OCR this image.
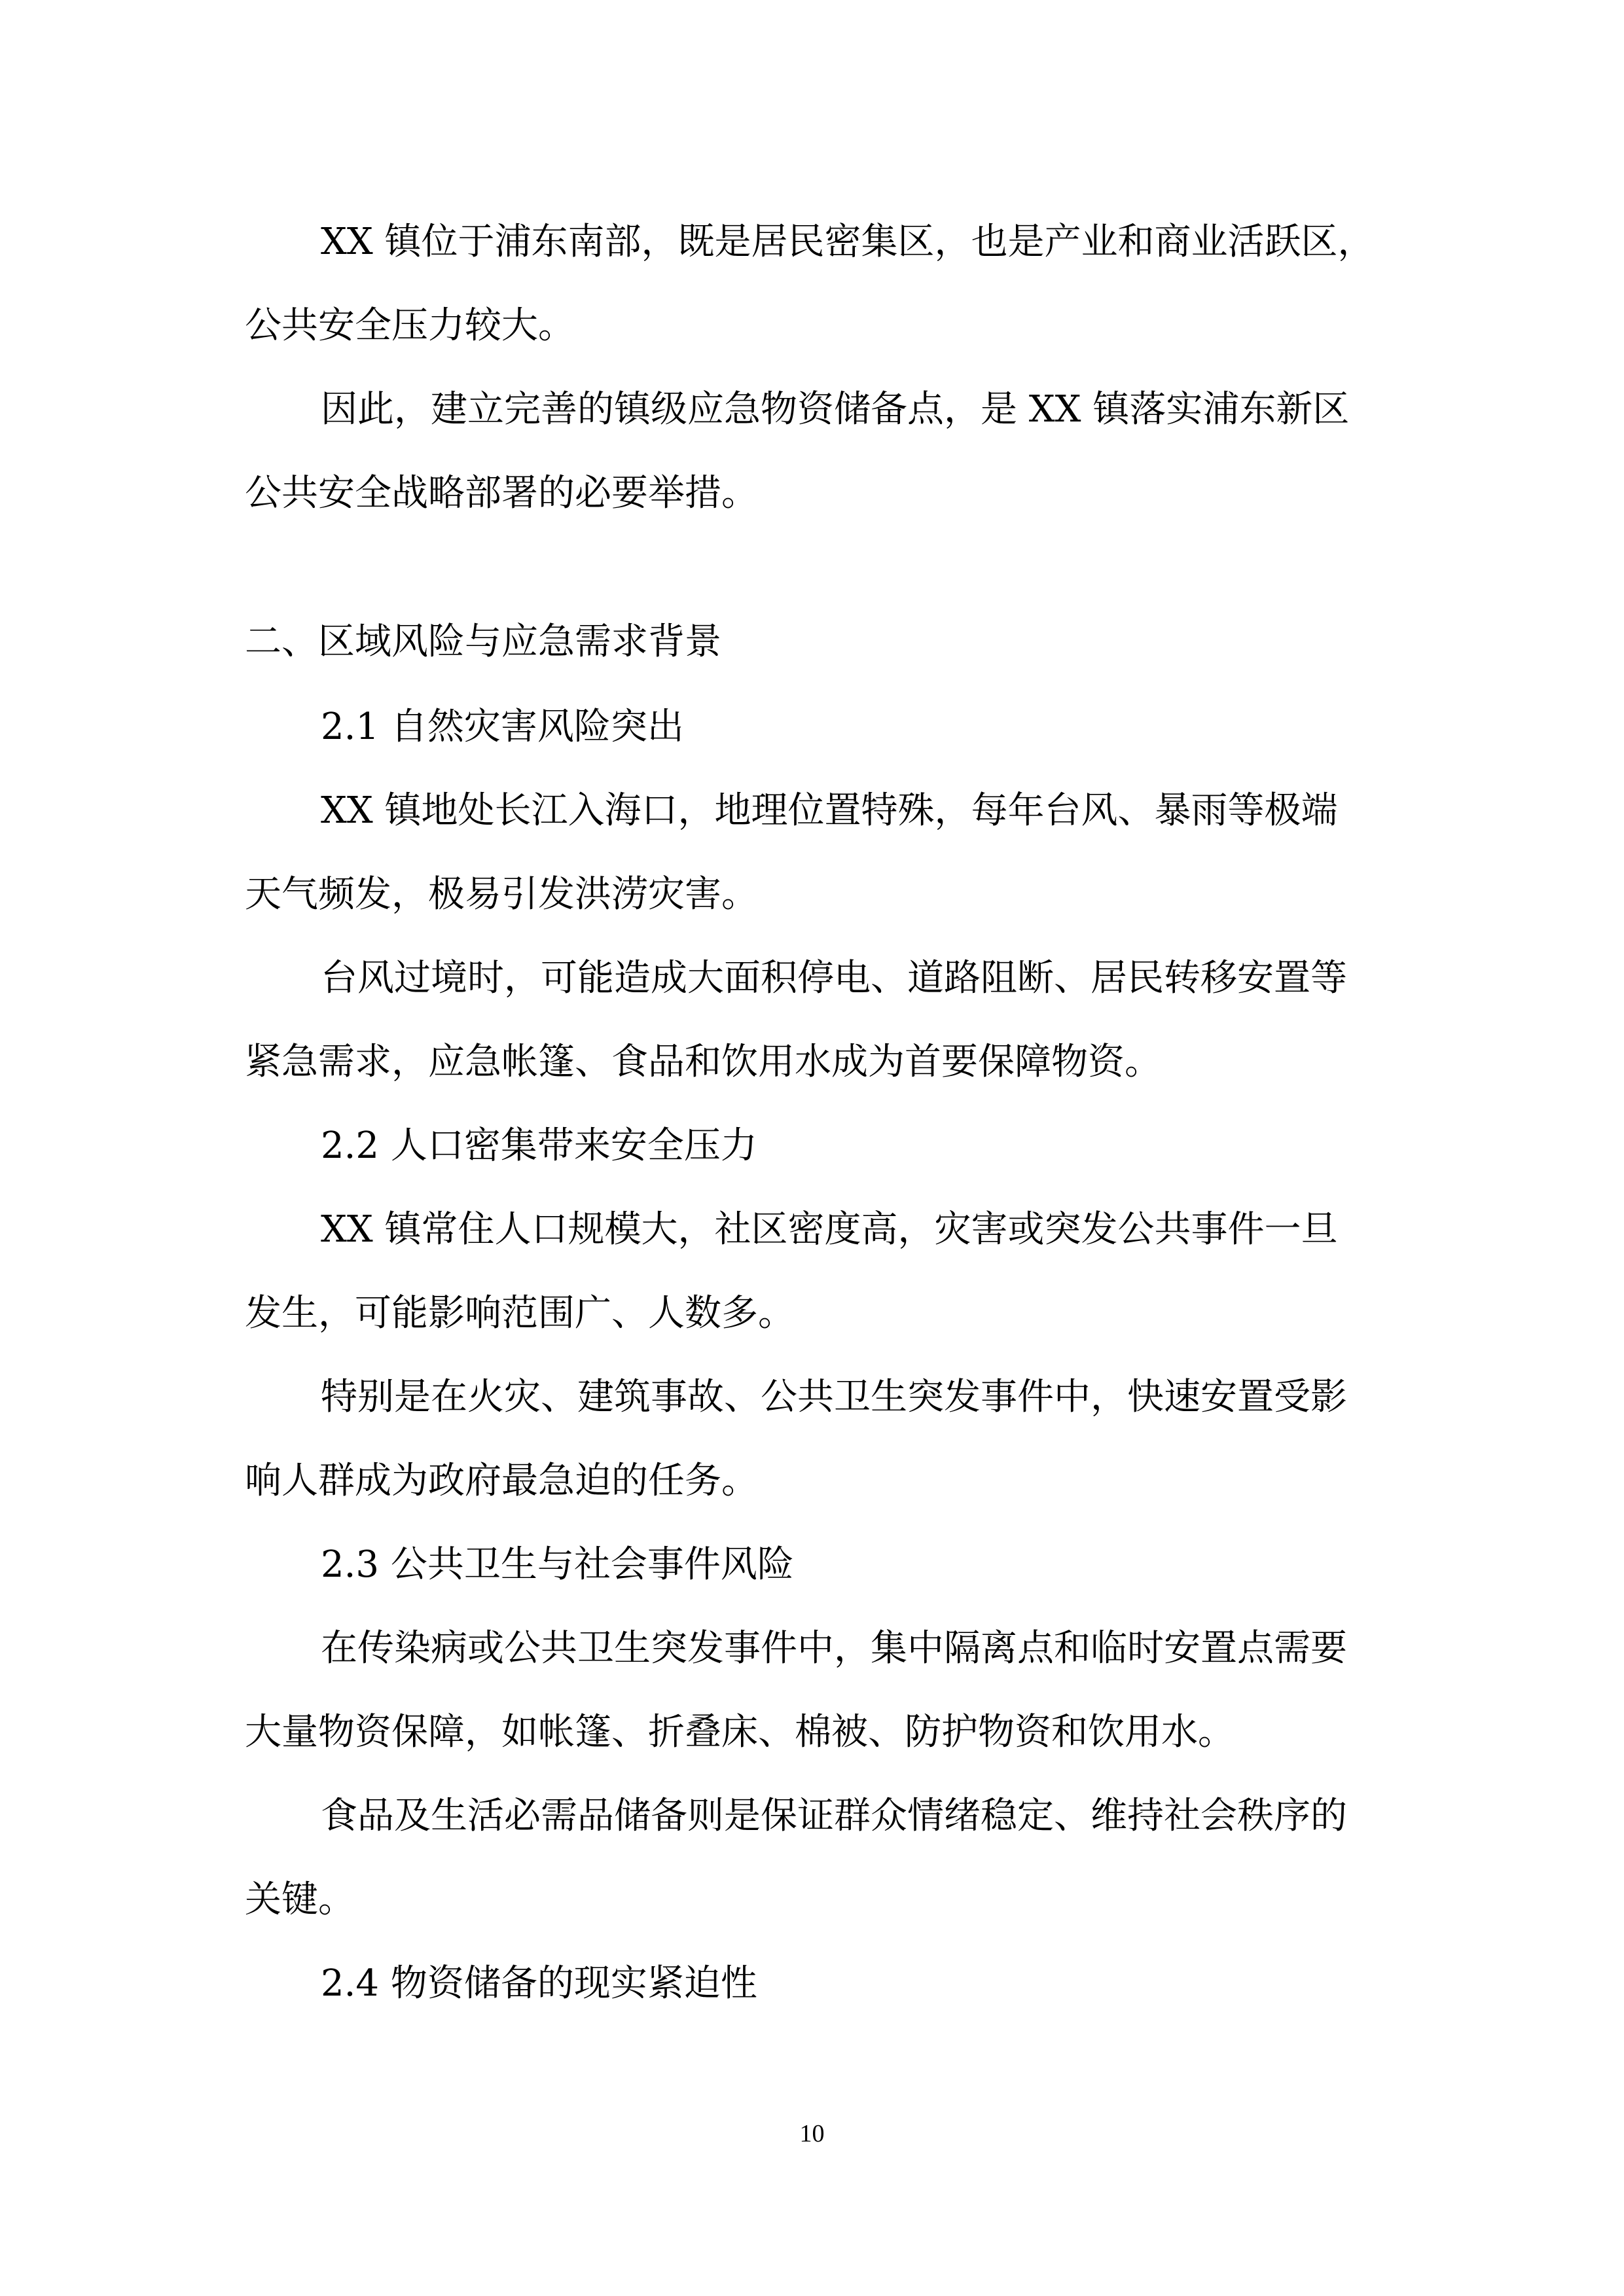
XX 镇位于浦东南部，既是居民密集区，也是产业和商业活跃区，
公共安全压力较大。
因此，建立完善的镇级应急物资储备点，是 XX 镇落实浦东新区
公共安全战略部署的必要举措。
二、区域风险与应急需求背景
2.1 自然灾害风险突出
XX 镇地处长江入海口，地理位置特殊，每年台风、暴雨等极端
天气频发，极易引发洪涝灾害。
台风过境时，可能造成大面积停电、道路阻断、居民转移安置等
紧急需求，应急帐篷、食品和饮用水成为首要保障物资。
2.2 人口密集带来安全压力
XX 镇常住人口规模大，社区密度高，灾害或突发公共事件一旦
发生，可能影响范围广、人数多。
特别是在火灾、建筑事故、公共卫生突发事件中，快速安置受影
响人群成为政府最急迫的任务。
2.3 公共卫生与社会事件风险
在传染病或公共卫生突发事件中，集中隔离点和临时安置点需要
大量物资保障，如帐篷、折叠床、棉被、防护物资和饮用水。
食品及生活必需品储备则是保证群众情绪稳定、维持社会秩序的
关键。
2.4 物资储备的现实紧迫性
10
